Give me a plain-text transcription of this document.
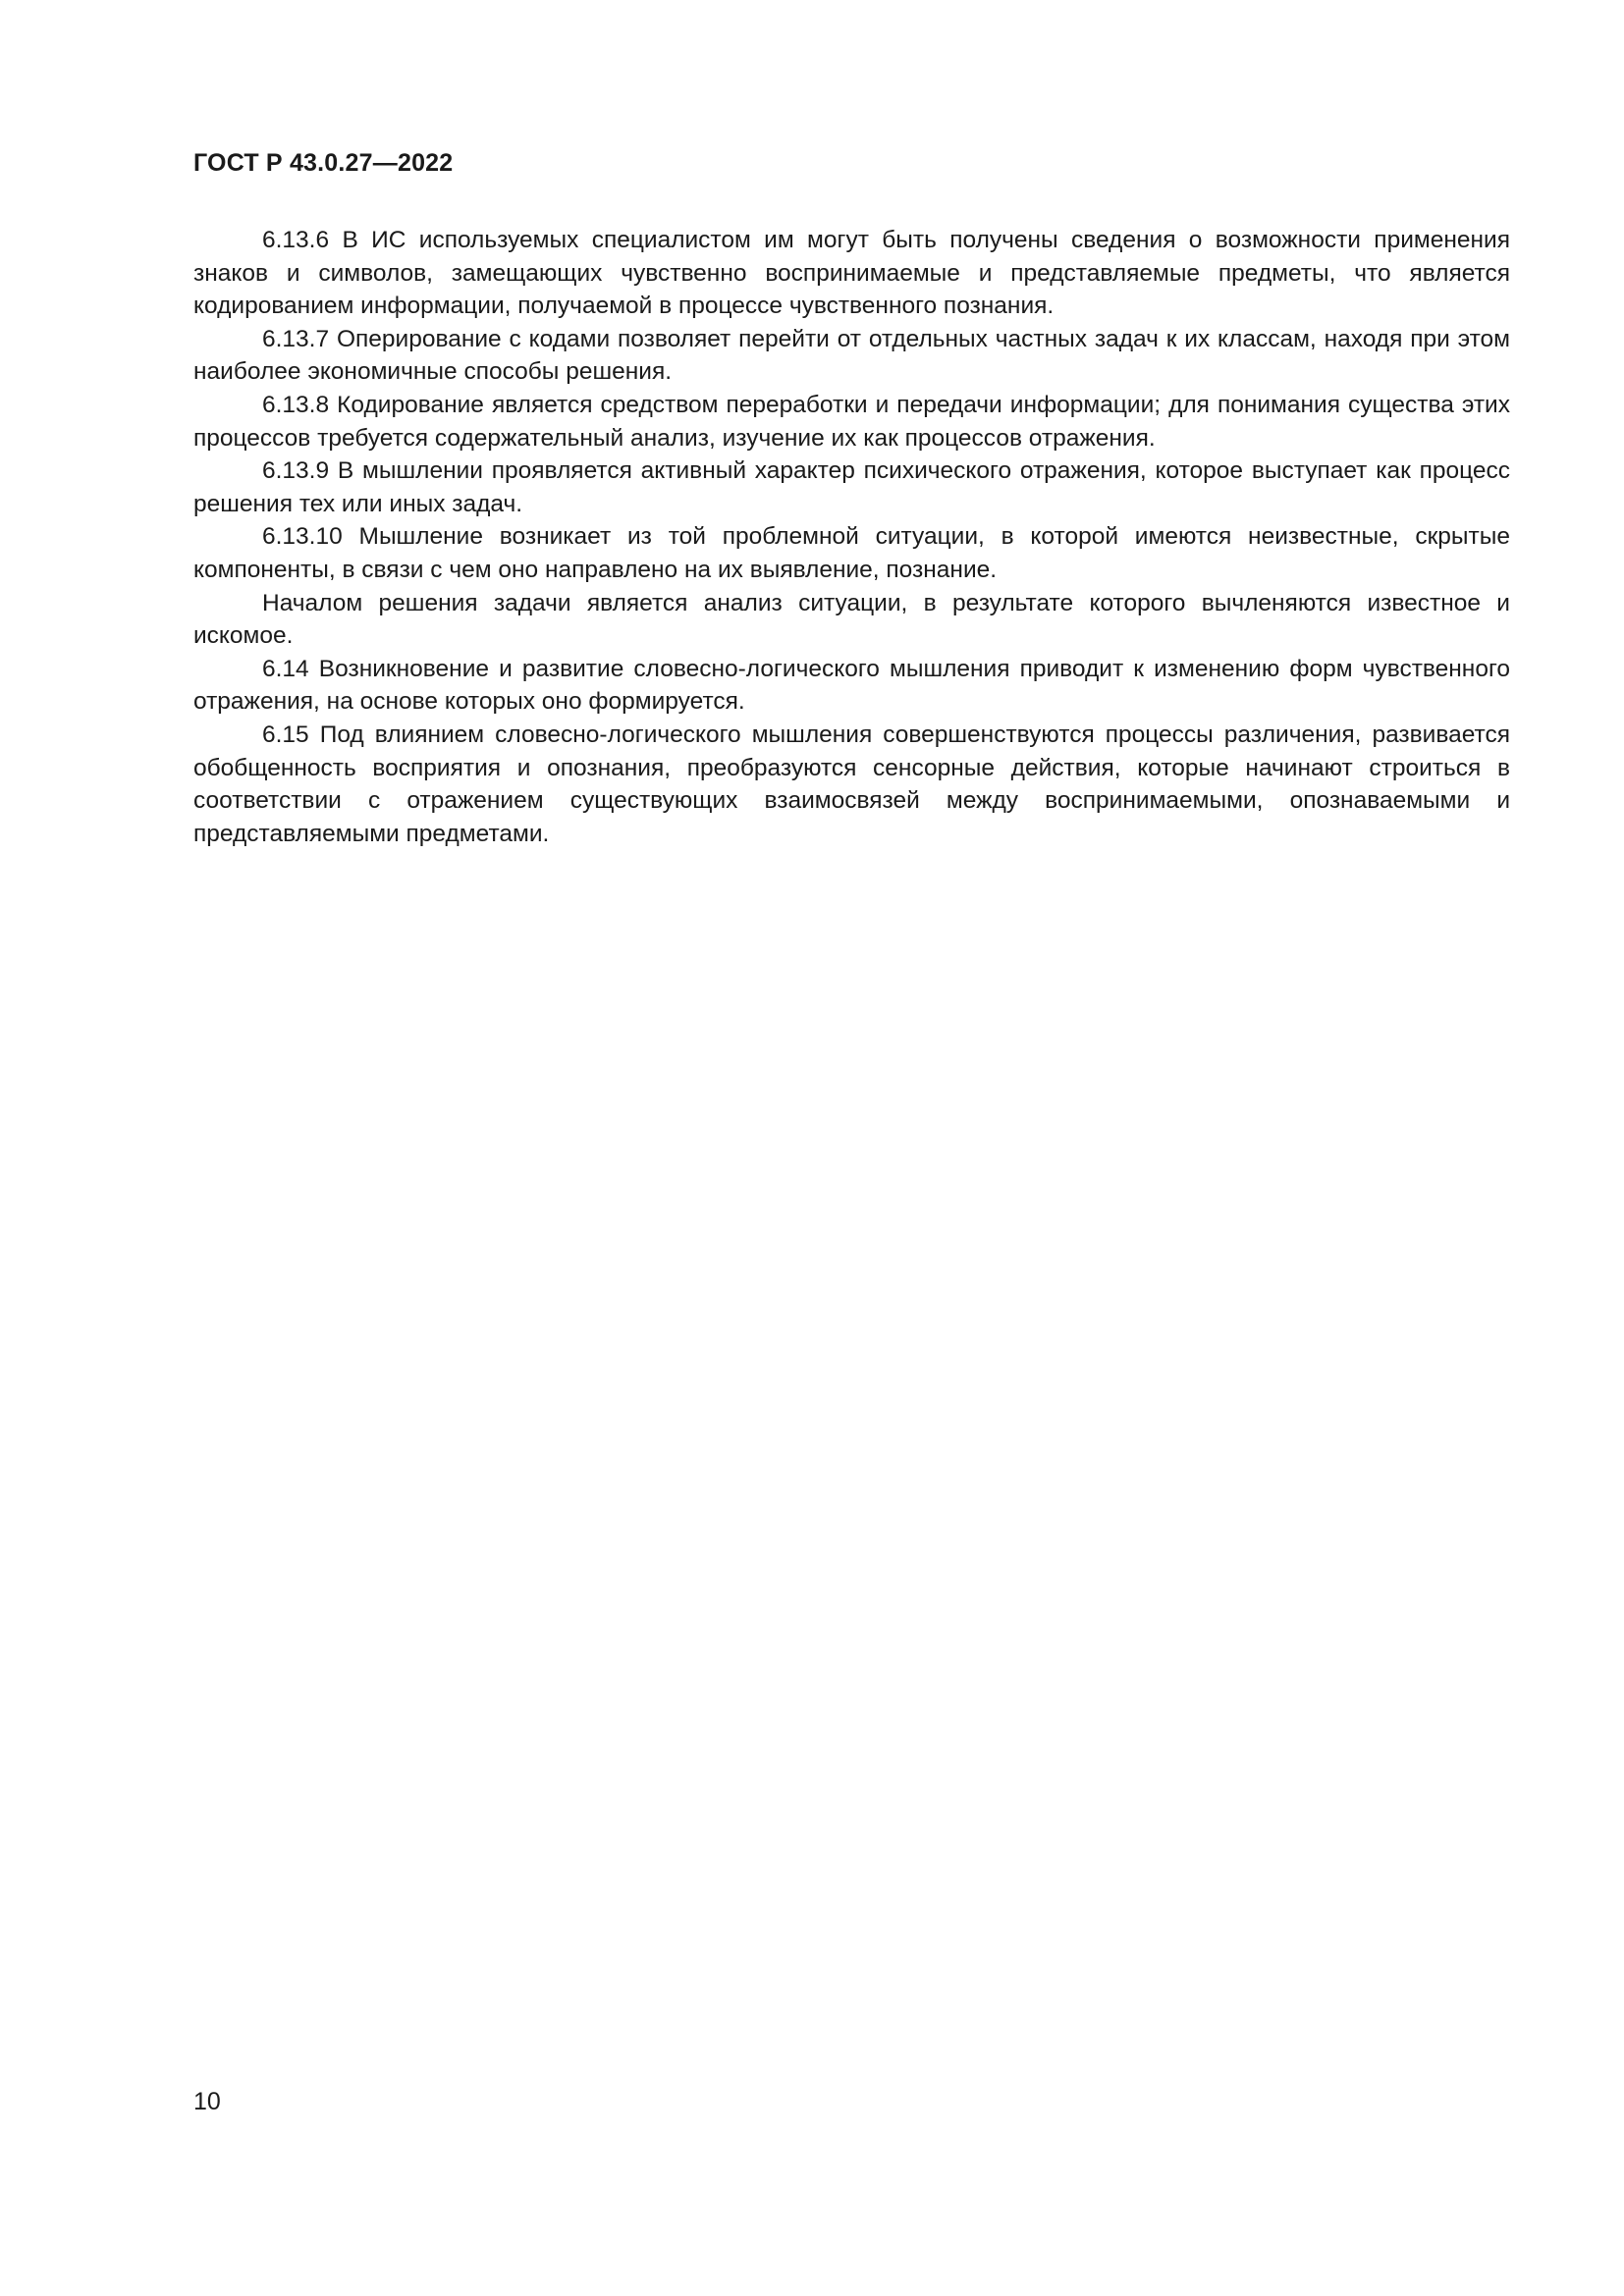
ГОСТ Р 43.0.27—2022

6.13.6 В ИС используемых специалистом им могут быть получены сведения о возможности применения знаков и символов, замещающих чувственно воспринимаемые и представляемые предметы, что является кодированием информации, получаемой в процессе чувственного познания.

6.13.7 Оперирование с кодами позволяет перейти от отдельных частных задач к их классам, находя при этом наиболее экономичные способы решения.

6.13.8 Кодирование является средством переработки и передачи информации; для понимания существа этих процессов требуется содержательный анализ, изучение их как процессов отражения.

6.13.9 В мышлении проявляется активный характер психического отражения, которое выступает как процесс решения тех или иных задач.

6.13.10 Мышление возникает из той проблемной ситуации, в которой имеются неизвестные, скрытые компоненты, в связи с чем оно направлено на их выявление, познание.

Началом решения задачи является анализ ситуации, в результате которого вычленяются известное и искомое.

6.14 Возникновение и развитие словесно-логического мышления приводит к изменению форм чувственного отражения, на основе которых оно формируется.

6.15 Под влиянием словесно-логического мышления совершенствуются процессы различения, развивается обобщенность восприятия и опознания, преобразуются сенсорные действия, которые начинают строиться в соответствии с отражением существующих взаимосвязей между воспринимаемыми, опознаваемыми и представляемыми предметами.

10
